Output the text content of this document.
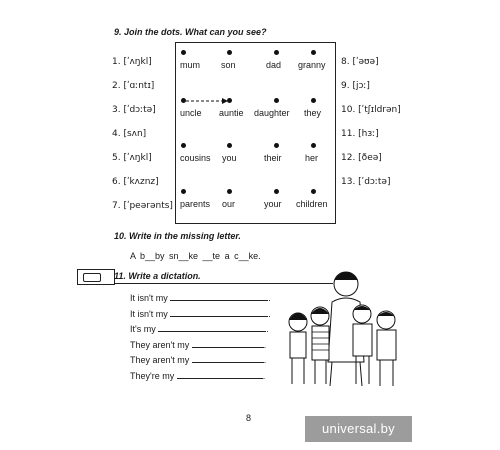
9. Join the dots. What can you see?
1. [ʹʌŋkl]
2. [ʹɑːntɪ]
3. [ʹdɔːtə]
4. [sʌn]
5. [ʹʌŋkl]
6. [ʹkʌznz]
7. [ʹpeərənts]
8. [ʹəʊə]
9. [jɔː]
10. [ʹtʃɪldrən]
11. [hɜː]
12. [ðeə]
13. [ʹdɔːtə]
mum son	dad granny
uncle auntie daughter they
cousins you	their	her
parents our	your children
10. Write in the missing letter.
A b__by sn__ke __te a c__ke.
11. Write a dictation.
It isn't my	.
It isn't my	.
It's my	.
They aren't my	.
They aren't my	.
They're my	.
8
universal.by
